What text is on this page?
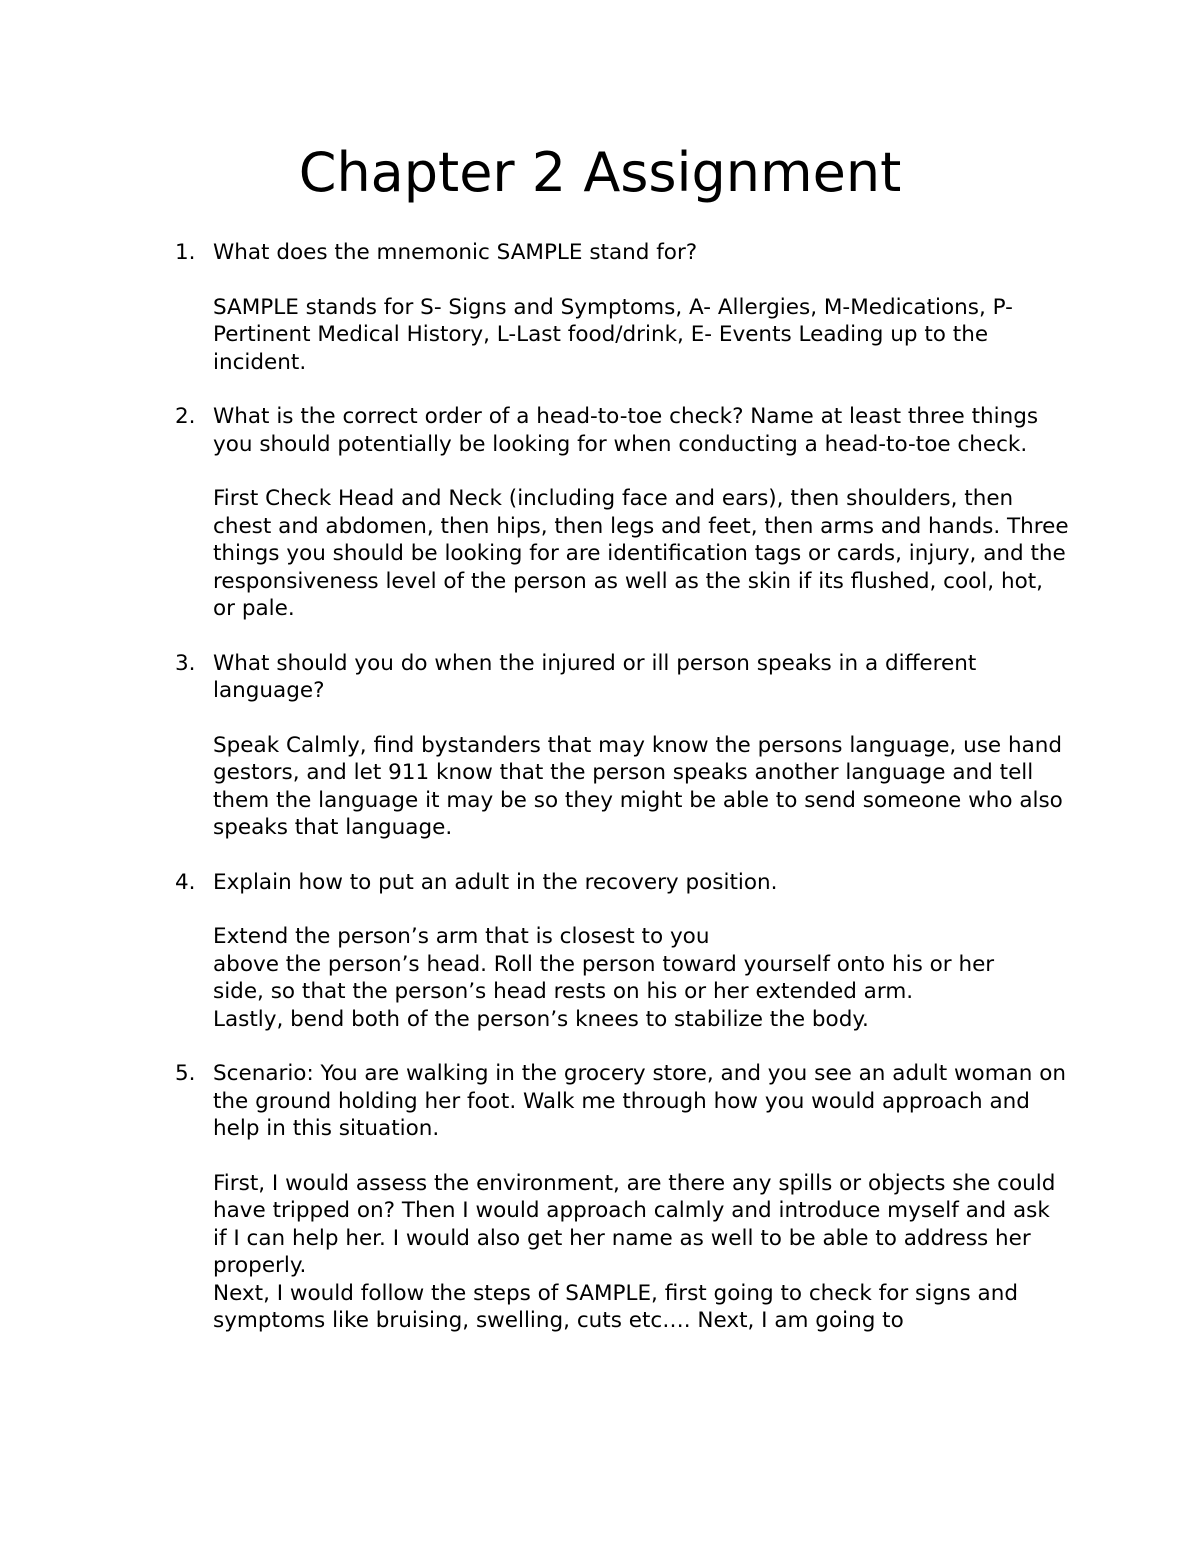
Chapter 2 Assignment
1. What does the mnemonic SAMPLE stand for?

SAMPLE stands for S- Signs and Symptoms, A- Allergies, M-Medications, P- Pertinent Medical History, L-Last food/drink, E- Events Leading up to the incident.

2. What is the correct order of a head-to-toe check? Name at least three things you should potentially be looking for when conducting a head-to-toe check.

First Check Head and Neck (including face and ears), then shoulders, then chest and abdomen, then hips, then legs and feet, then arms and hands. Three things you should be looking for are identification tags or cards, injury, and the responsiveness level of the person as well as the skin if its flushed, cool, hot, or pale.

3. What should you do when the injured or ill person speaks in a different language?

Speak Calmly, find bystanders that may know the persons language, use hand gestors, and let 911 know that the person speaks another language and tell them the language it may be so they might be able to send someone who also speaks that language.

4. Explain how to put an adult in the recovery position.

Extend the person’s arm that is closest to you

above the person’s head. Roll the person toward yourself onto his or her

side, so that the person’s head rests on his or her extended arm.

Lastly, bend both of the person’s knees to stabilize the body.

5. Scenario: You are walking in the grocery store, and you see an adult woman on the ground holding her foot. Walk me through how you would approach and help in this situation.

First, I would assess the environment, are there any spills or objects she could have tripped on? Then I would approach calmly and introduce myself and ask if I can help her. I would also get her name as well to be able to address her properly.

Next, I would follow the steps of SAMPLE, first going to check for signs and symptoms like bruising, swelling, cuts etc…. Next, I am going to
